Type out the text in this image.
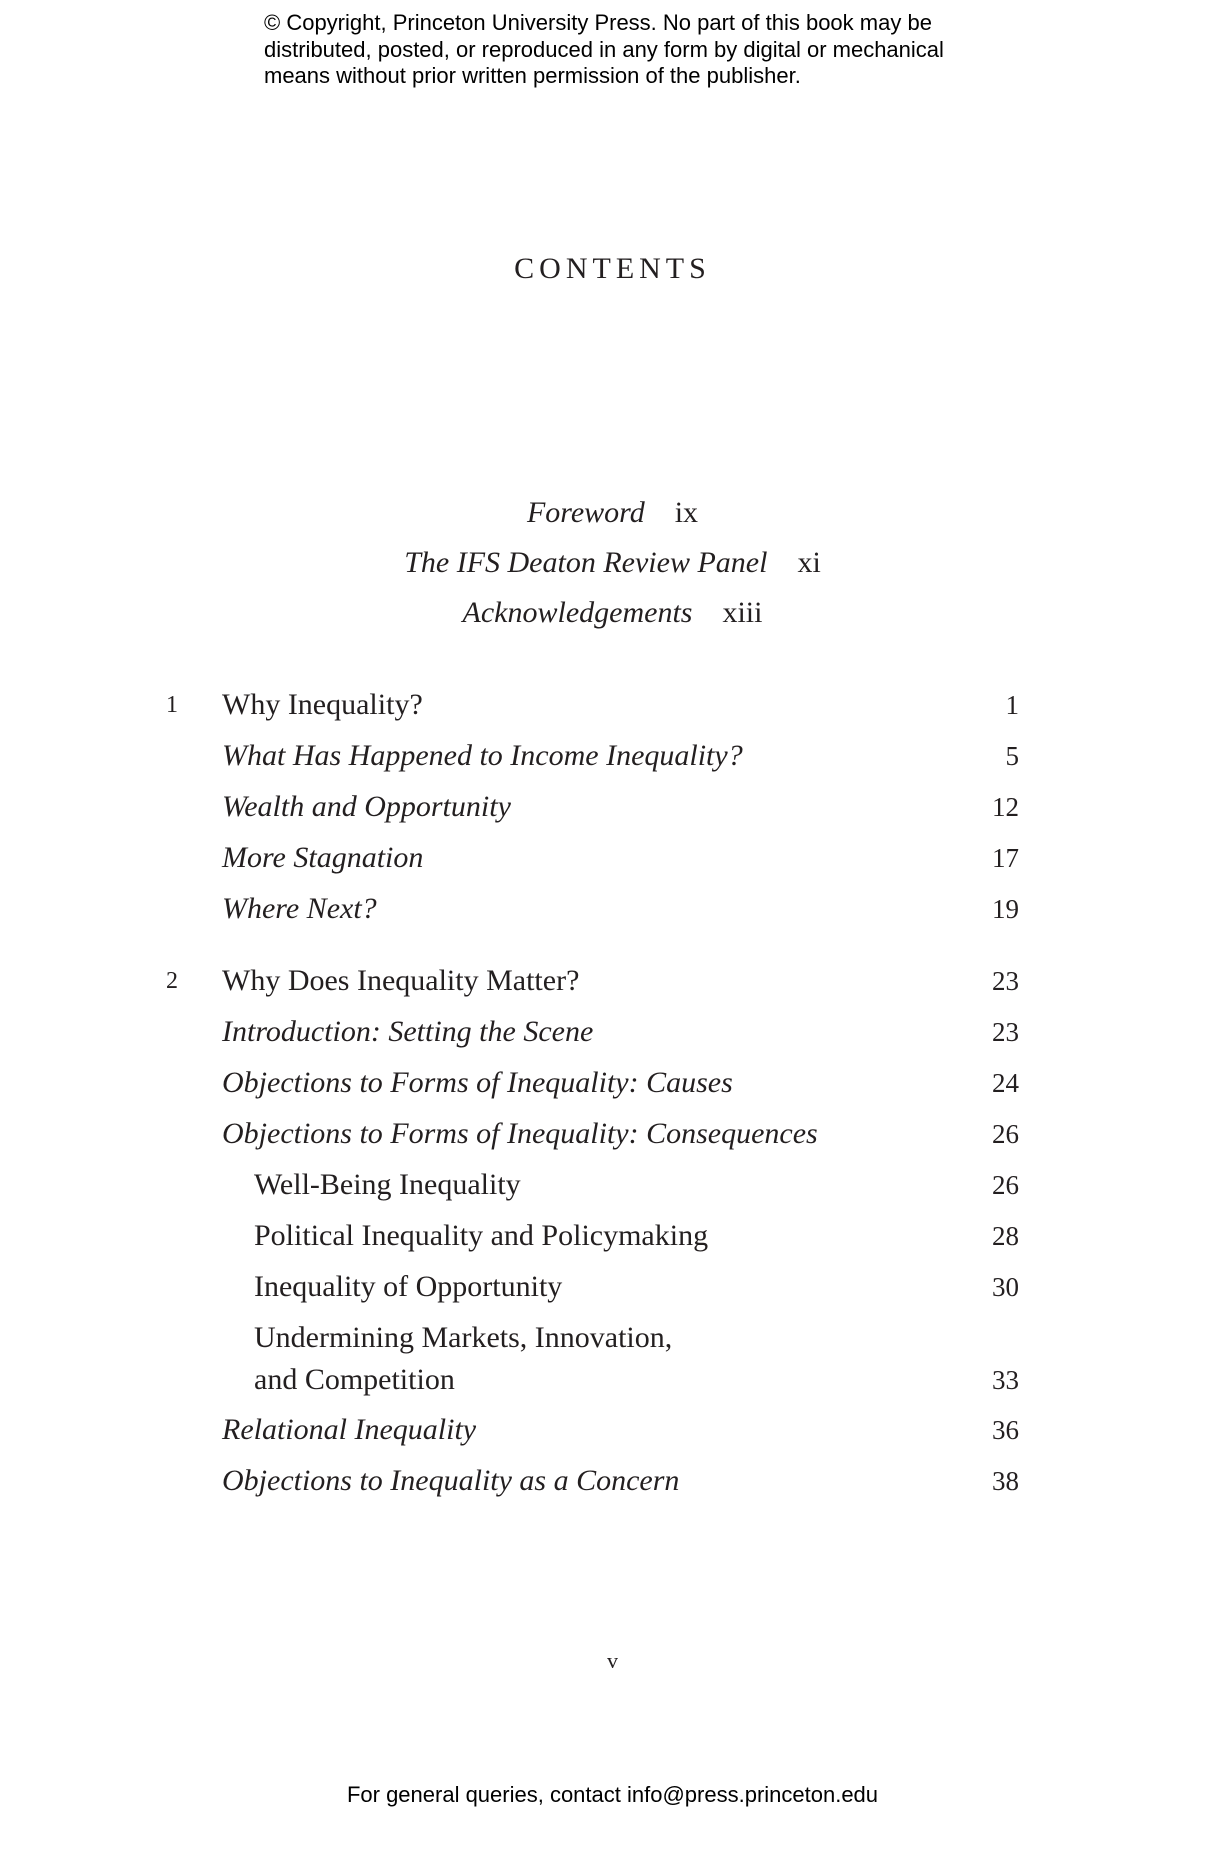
© Copyright, Princeton University Press. No part of this book may be
distributed, posted, or reproduced in any form by digital or mechanical
means without prior written permission of the publisher.
CONTENTS
Foreword ix
The IFS Deaton Review Panel xi
Acknowledgements xiii
1	Why Inequality?	1
What Has Happened to Income Inequality?	5
Wealth and Opportunity	12
More Stagnation	17
Where Next?	19
2	Why Does Inequality Matter?	23
Introduction: Setting the Scene	23
Objections to Forms of Inequality: Causes	24
Objections to Forms of Inequality: Consequences	26
Well-Being Inequality	26
Political Inequality and Policymaking	28
Inequality of Opportunity	30
Undermining Markets, Innovation,
and Competition	33
Relational Inequality	36
Objections to Inequality as a Concern	38
v
For general queries, contact info@press.princeton.edu
